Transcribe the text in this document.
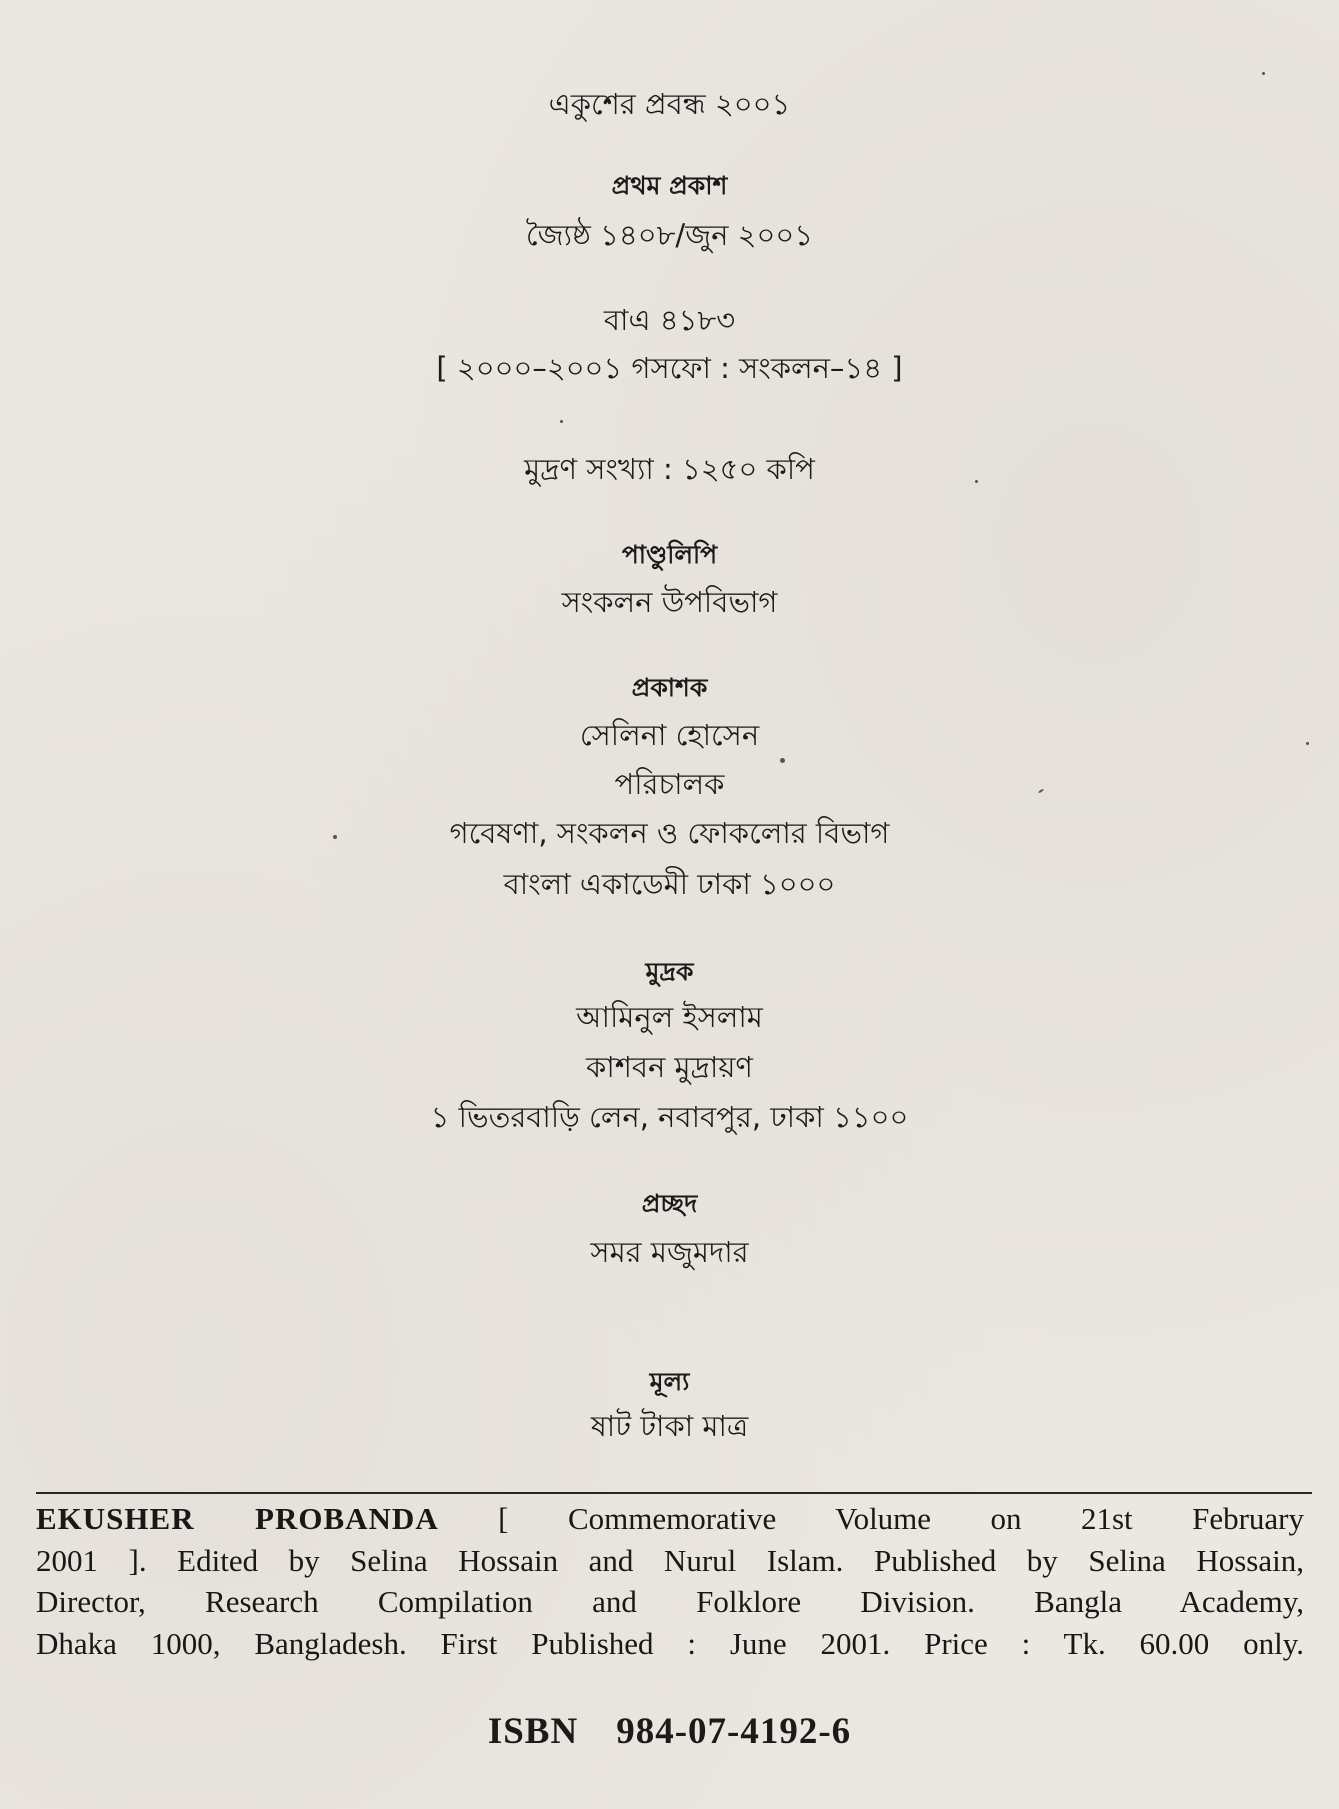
একুশের প্রবন্ধ ২০০১
প্রথম প্রকাশ
জ্যৈষ্ঠ ১৪০৮/জুন ২০০১
বাএ ৪১৮৩
[ ২০০০–২০০১ গসফো : সংকলন–১৪ ]
মুদ্রণ সংখ্যা : ১২৫০ কপি
পাণ্ডুলিপি
সংকলন উপবিভাগ
প্রকাশক
সেলিনা হোসেন
পরিচালক
গবেষণা, সংকলন ও ফোকলোর বিভাগ
বাংলা একাডেমী ঢাকা ১০০০
মুদ্রক
আমিনুল ইসলাম
কাশবন মুদ্রায়ণ
১ ভিতরবাড়ি লেন, নবাবপুর, ঢাকা ১১০০
প্রচ্ছদ
সমর মজুমদার
মূল্য
ষাট টাকা মাত্র
EKUSHER PROBANDA [ Commemorative Volume on 21st February
2001 ]. Edited by Selina Hossain and Nurul Islam. Published by Selina Hossain,
Director, Research Compilation and Folklore Division. Bangla Academy,
Dhaka 1000, Bangladesh. First Published : June 2001. Price : Tk. 60.00 only.
ISBN 984-07-4192-6
